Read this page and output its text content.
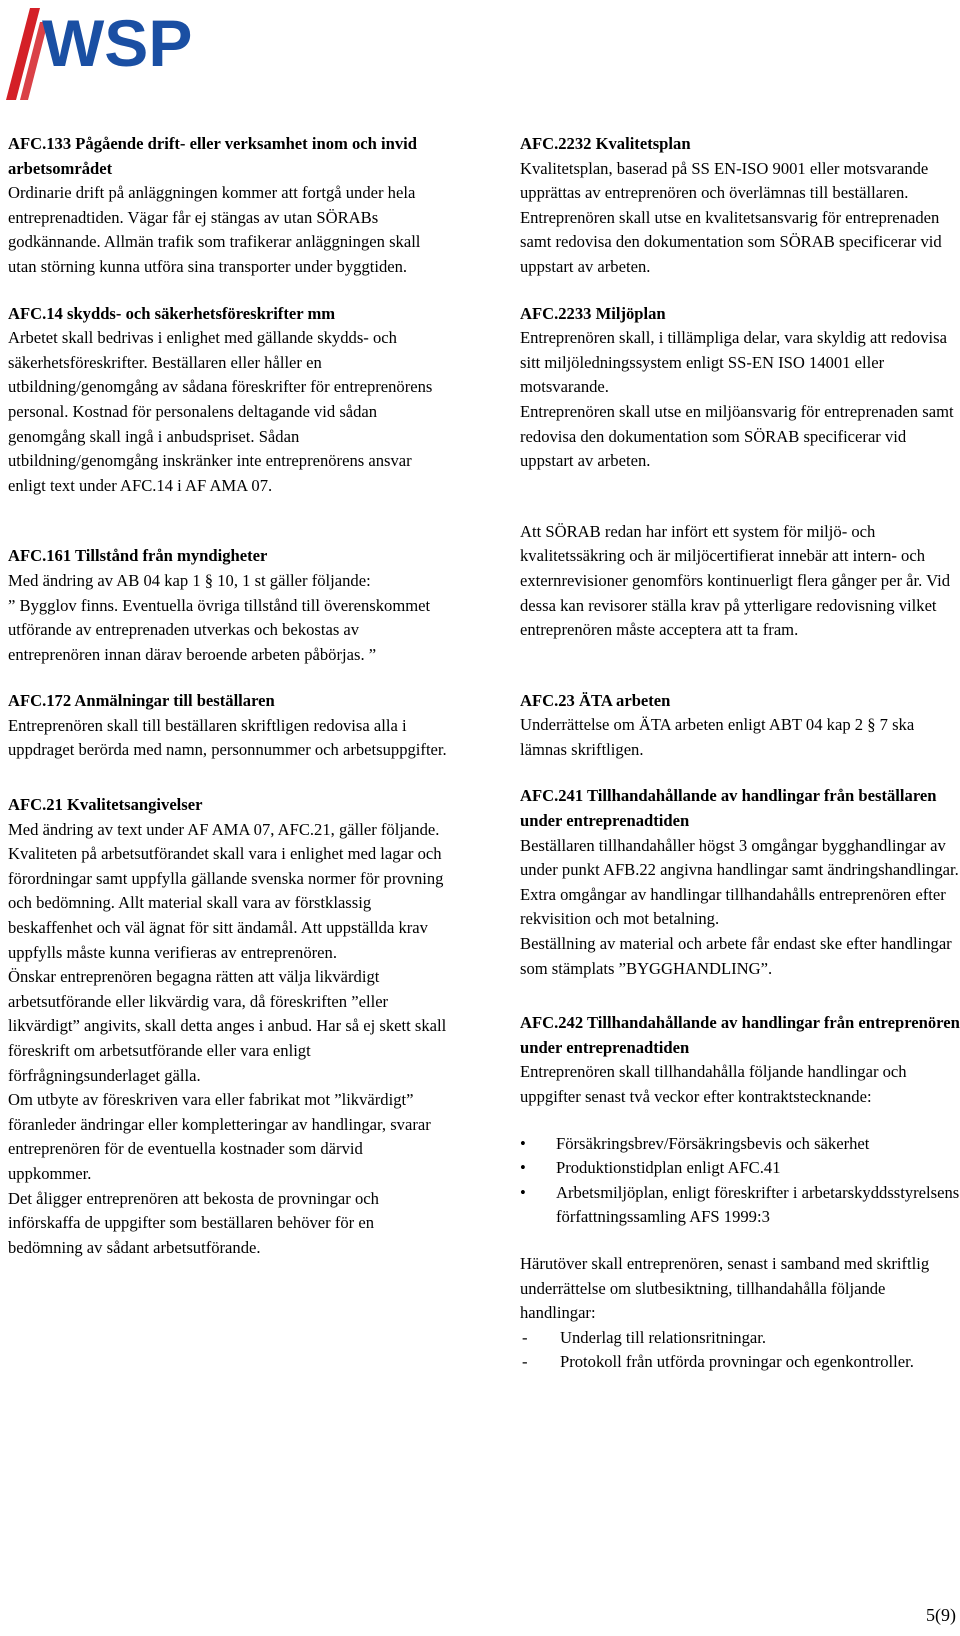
WSP
AFC.133 Pågående drift- eller verksamhet inom och invid arbetsområdet

Ordinarie drift på anläggningen kommer att fortgå under hela entreprenadtiden. Vägar får ej stängas av utan SÖRABs godkännande. Allmän trafik som trafikerar anläggningen skall utan störning kunna utföra sina transporter under byggtiden.

AFC.14 skydds- och säkerhetsföreskrifter mm

Arbetet skall bedrivas i enlighet med gällande skydds- och säkerhetsföreskrifter. Beställaren eller håller en utbildning/genomgång av sådana föreskrifter för entreprenörens personal. Kostnad för personalens deltagande vid sådan genomgång skall ingå i anbudspriset. Sådan utbildning/genomgång inskränker inte entreprenörens ansvar enligt text under AFC.14 i AF AMA 07.

AFC.161 Tillstånd från myndigheter

Med ändring av AB 04 kap 1 § 10, 1 st gäller följande:

” Bygglov finns. Eventuella övriga tillstånd till överenskommet utförande av entreprenaden utverkas och bekostas av entreprenören innan därav beroende arbeten påbörjas. ”

AFC.172 Anmälningar till beställaren

Entreprenören skall till beställaren skriftligen redovisa alla i uppdraget berörda med namn, personnummer och arbetsuppgifter.

AFC.21 Kvalitetsangivelser

Med ändring av text under AF AMA 07, AFC.21, gäller följande. Kvaliteten på arbetsutförandet skall vara i enlighet med lagar och förordningar samt uppfylla gällande svenska normer för provning och bedömning. Allt material skall vara av förstklassig beskaffenhet och väl ägnat för sitt ändamål. Att uppställda krav uppfylls måste kunna verifieras av entreprenören.

Önskar entreprenören begagna rätten att välja likvärdigt arbetsutförande eller likvärdig vara, då föreskriften ”eller likvärdigt” angivits, skall detta anges i anbud. Har så ej skett skall föreskrift om arbetsutförande eller vara enligt förfrågningsunderlaget gälla.

Om utbyte av föreskriven vara eller fabrikat mot ”likvärdigt” föranleder ändringar eller kompletteringar av handlingar, svarar entreprenören för de eventuella kostnader som därvid uppkommer.

Det åligger entreprenören att bekosta de provningar och införskaffa de uppgifter som beställaren behöver för en bedömning av sådant arbetsutförande.

AFC.2232 Kvalitetsplan

Kvalitetsplan, baserad på SS EN-ISO 9001 eller motsvarande upprättas av entreprenören och överlämnas till beställaren.

Entreprenören skall utse en kvalitetsansvarig för entreprenaden samt redovisa den dokumentation som SÖRAB specificerar vid uppstart av arbeten.

AFC.2233 Miljöplan

Entreprenören skall, i tillämpliga delar, vara skyldig att redovisa sitt miljöledningssystem enligt SS-EN ISO 14001 eller motsvarande.

Entreprenören skall utse en miljöansvarig för entreprenaden samt redovisa den dokumentation som SÖRAB specificerar vid uppstart av arbeten.

Att SÖRAB redan har infört ett system för miljö- och kvalitetssäkring och är miljöcertifierat innebär att intern- och externrevisioner genomförs kontinuerligt flera gånger per år. Vid dessa kan revisorer ställa krav på ytterligare redovisning vilket entreprenören måste acceptera att ta fram.

AFC.23 ÄTA arbeten

Underrättelse om ÄTA arbeten enligt ABT 04 kap 2 § 7 ska lämnas skriftligen.

AFC.241 Tillhandahållande av handlingar från beställaren under entreprenadtiden

Beställaren tillhandahåller högst 3 omgångar bygghandlingar av under punkt AFB.22 angivna handlingar samt ändringshandlingar.

Extra omgångar av handlingar tillhandahålls entreprenören efter rekvisition och mot betalning.

Beställning av material och arbete får endast ske efter handlingar som stämplats ”BYGGHANDLING”.

AFC.242 Tillhandahållande av handlingar från entreprenören under entreprenadtiden

Entreprenören skall tillhandahålla följande handlingar och uppgifter senast två veckor efter kontraktstecknande:

• Försäkringsbrev/Försäkringsbevis och säkerhet
• Produktionstidplan enligt AFC.41
• Arbetsmiljöplan, enligt föreskrifter i arbetarskyddsstyrelsens författningssamling AFS 1999:3

Härutöver skall entreprenören, senast i samband med skriftlig underrättelse om slutbesiktning, tillhandahålla följande handlingar:

- Underlag till relationsritningar.
- Protokoll från utförda provningar och egenkontroller.
5(9)
